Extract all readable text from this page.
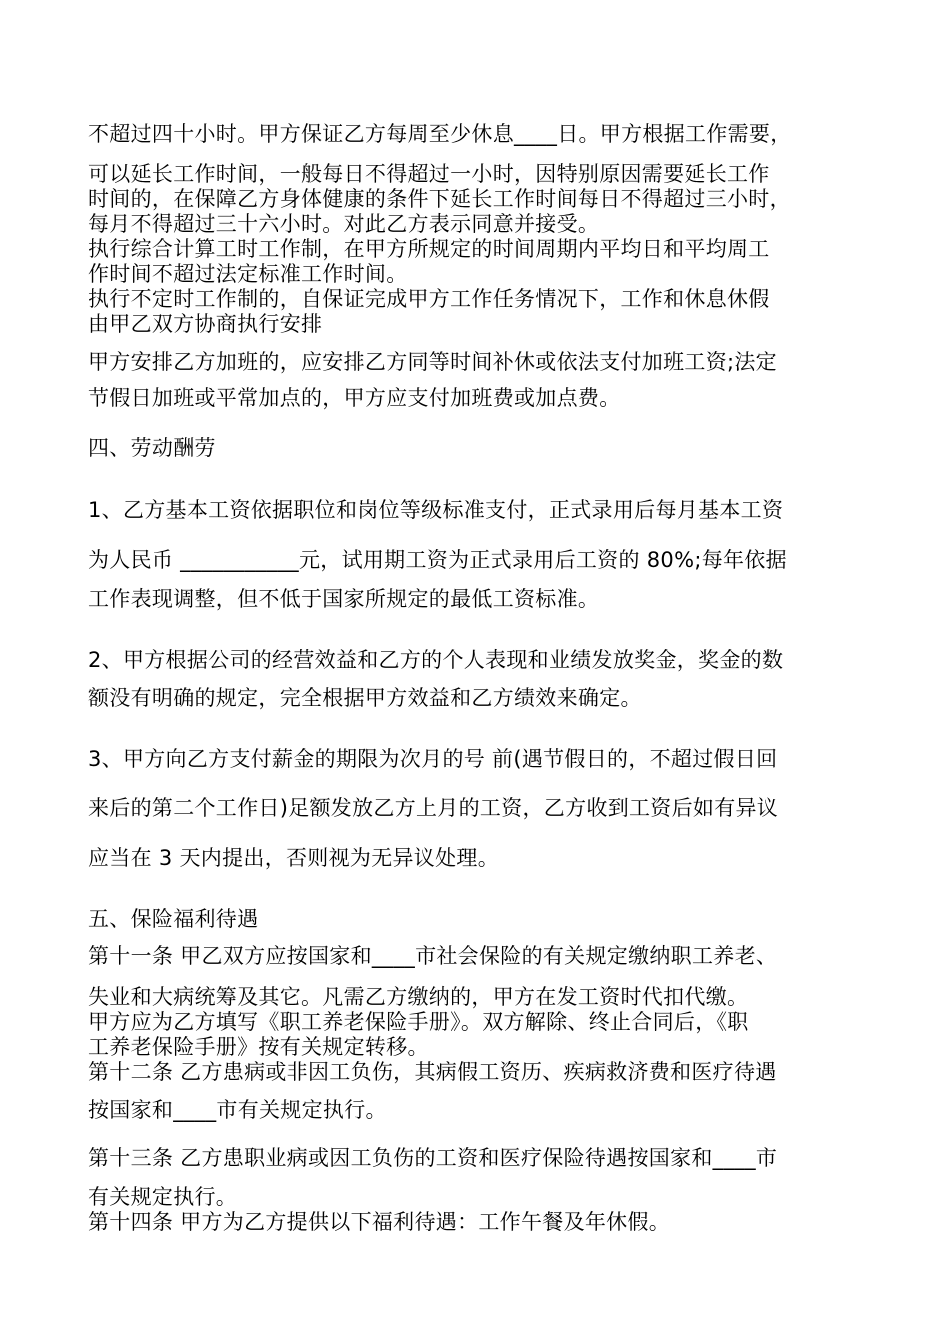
不超过四十小时。甲方保证乙方每周至少休息____日。甲方根据工作需要，
可以延长工作时间，一般每日不得超过一小时，因特别原因需要延长工作
时间的，在保障乙方身体健康的条件下延长工作时间每日不得超过三小时，
每月不得超过三十六小时。对此乙方表示同意并接受。
执行综合计算工时工作制，在甲方所规定的时间周期内平均日和平均周工
作时间不超过法定标准工作时间。
执行不定时工作制的，自保证完成甲方工作任务情况下，工作和休息休假
由甲乙双方协商执行安排
甲方安排乙方加班的，应安排乙方同等时间补休或依法支付加班工资;法定
节假日加班或平常加点的，甲方应支付加班费或加点费。
四、劳动酬劳
1、乙方基本工资依据职位和岗位等级标准支付，正式录用后每月基本工资
为人民币 ___________元，试用期工资为正式录用后工资的 80%;每年依据
工作表现调整，但不低于国家所规定的最低工资标准。
2、甲方根据公司的经营效益和乙方的个人表现和业绩发放奖金，奖金的数
额没有明确的规定，完全根据甲方效益和乙方绩效来确定。
3、甲方向乙方支付薪金的期限为次月的号 前(遇节假日的，不超过假日回
来后的第二个工作日)足额发放乙方上月的工资，乙方收到工资后如有异议
应当在 3 天内提出，否则视为无异议处理。
五、保险福利待遇
第十一条 甲乙双方应按国家和____市社会保险的有关规定缴纳职工养老、
失业和大病统筹及其它。凡需乙方缴纳的，甲方在发工资时代扣代缴。
甲方应为乙方填写《职工养老保险手册》。双方解除、终止合同后，《职
工养老保险手册》按有关规定转移。
第十二条 乙方患病或非因工负伤，其病假工资历、疾病救济费和医疗待遇
按国家和____市有关规定执行。
第十三条 乙方患职业病或因工负伤的工资和医疗保险待遇按国家和____市
有关规定执行。
第十四条 甲方为乙方提供以下福利待遇：工作午餐及年休假。
